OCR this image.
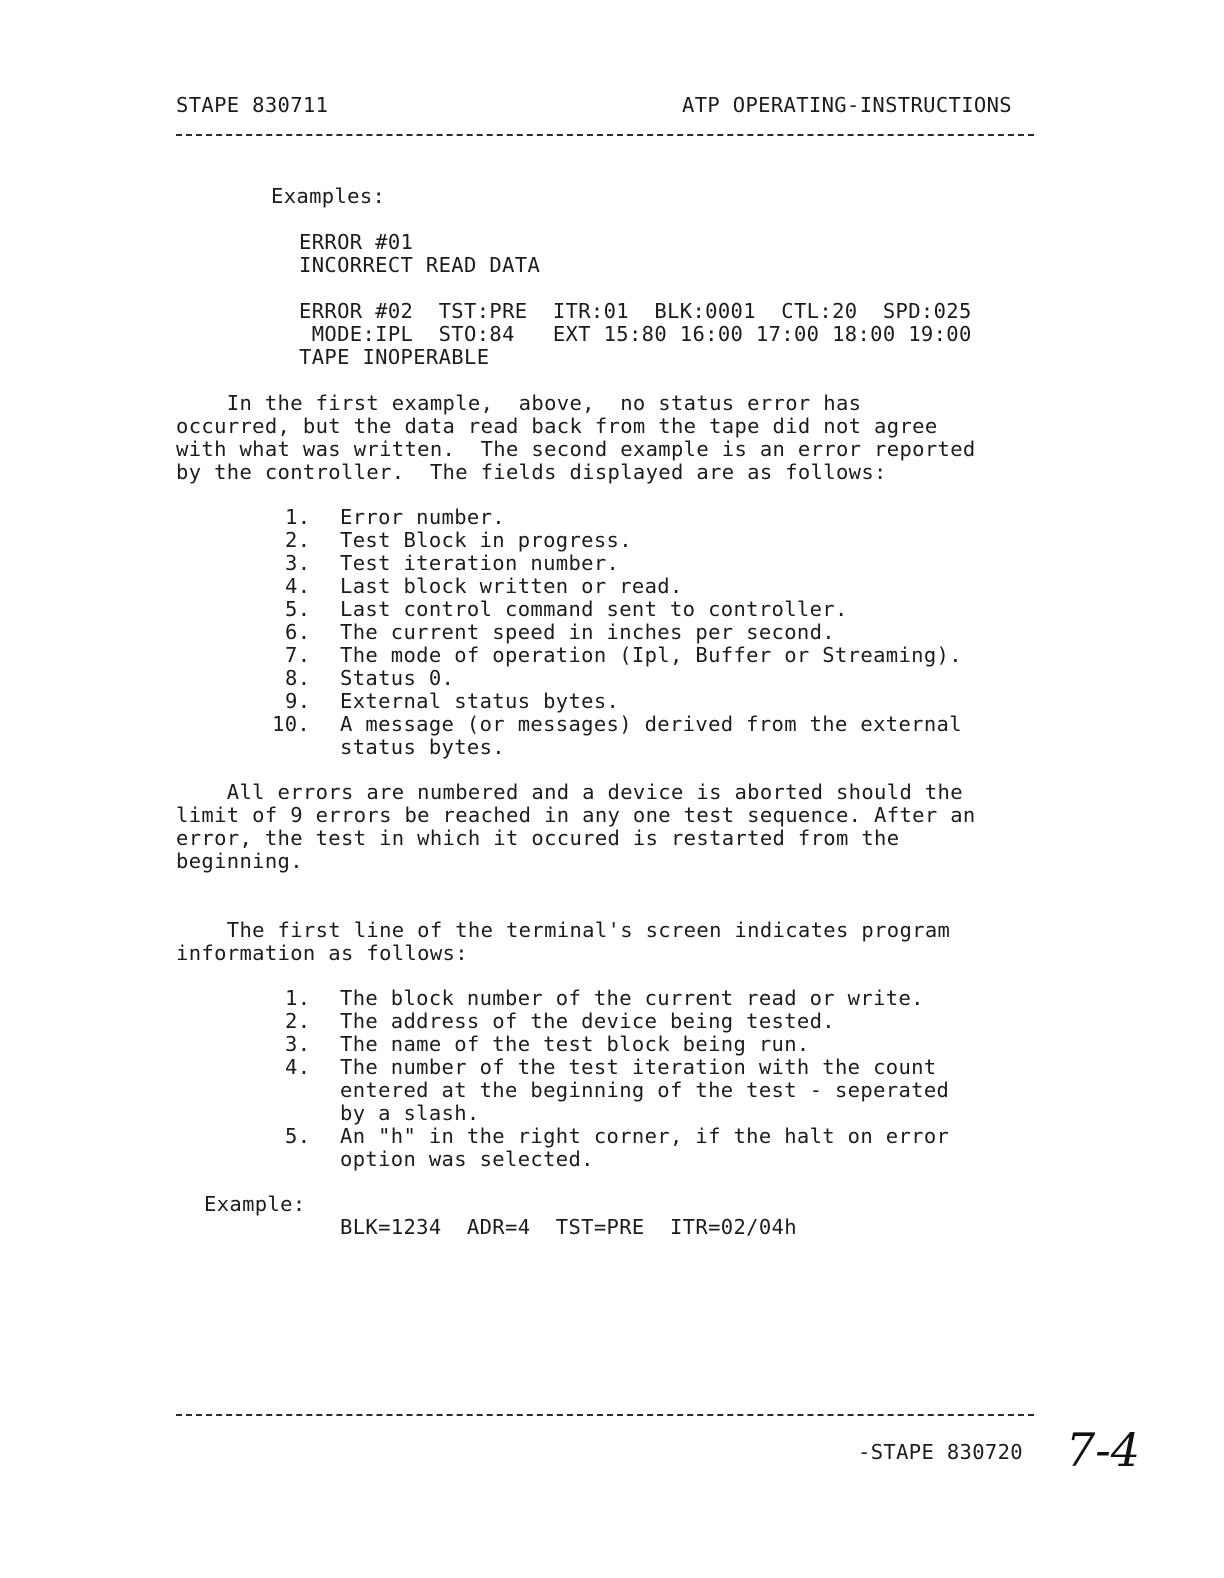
STAPE 830711	ATP OPERATING-INSTRUCTIONS
Examples:
ERROR #01
INCORRECT READ DATA
ERROR #02  TST:PRE  ITR:01  BLK:0001  CTL:20  SPD:025
MODE:IPL  STO:84   EXT 15:80 16:00 17:00 18:00 19:00
TAPE INOPERABLE
In the first example,  above,  no status error has
occurred, but the data read back from the tape did not agree
with what was written.  The second example is an error reported
by the controller.  The fields displayed are as follows:
1. Error number.
2. Test Block in progress.
3. Test iteration number.
4. Last block written or read.
5. Last control command sent to controller.
6. The current speed in inches per second.
7. The mode of operation (Ipl, Buffer or Streaming).
8. Status 0.
9. External status bytes.
10. A message (or messages) derived from the external
status bytes.
All errors are numbered and a device is aborted should the
limit of 9 errors be reached in any one test sequence. After an
error, the test in which it occured is restarted from the
beginning.
The first line of the terminal's screen indicates program
information as follows:
1. The block number of the current read or write.
2. The address of the device being tested.
3. The name of the test block being run.
4. The number of the test iteration with the count
entered at the beginning of the test - seperated
by a slash.
5. An "h" in the right corner, if the halt on error
option was selected.
Example:
BLK=1234  ADR=4  TST=PRE  ITR=02/04h
-STAPE 830720 7-4
